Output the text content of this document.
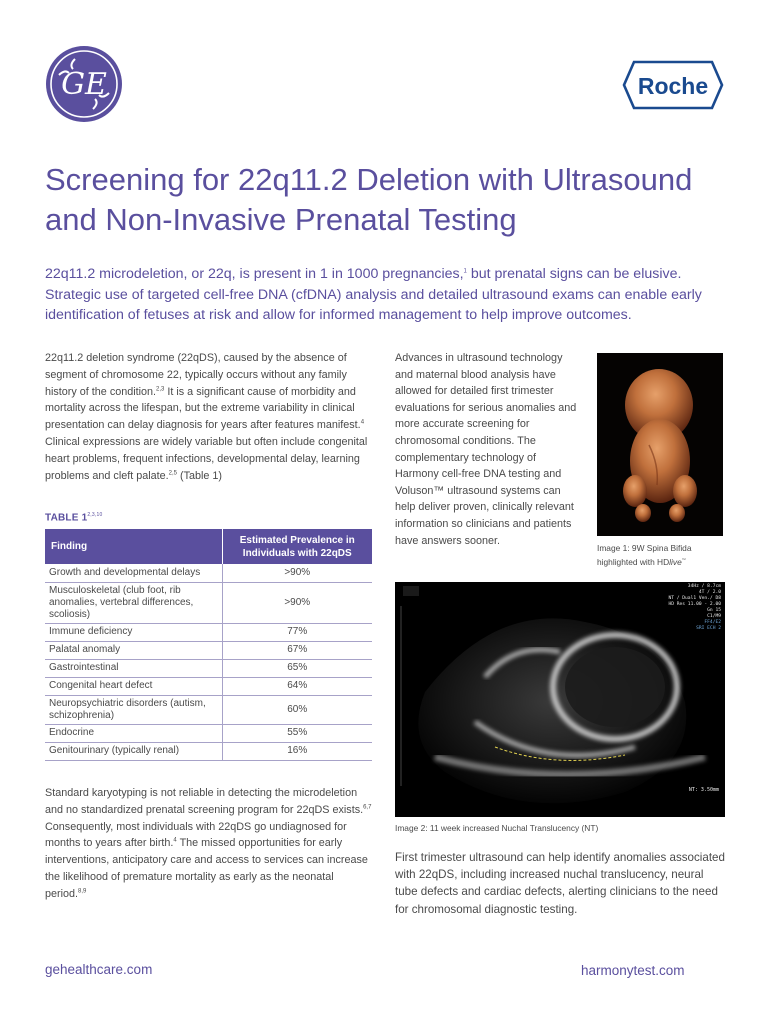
GE	Roche
Screening for 22q11.2 Deletion with Ultrasound and Non-Invasive Prenatal Testing

22q11.2 microdeletion, or 22q, is present in 1 in 1000 pregnancies,$^1$ but prenatal signs can be elusive. Strategic use of targeted cell-free DNA (cfDNA) analysis and detailed ultrasound exams can enable early identification of fetuses at risk and allow for informed management to help improve outcomes.

22q11.2 deletion syndrome (22qDS), caused by the absence of segment of chromosome 22, typically occurs without any family history of the condition.$^{2,3}$ It is a significant cause of morbidity and mortality across the lifespan, but the extreme variability in clinical presentation can delay diagnosis for years after features manifest.$^4$ Clinical expressions are widely variable but often include congenital heart problems, frequent infections, developmental delay, learning problems and cleft palate.$^{2,5}$ (Table 1)

TABLE 1$^{2,3,10}$
Finding	Estimated Prevalence in Individuals with 22qDS
Growth and developmental delays	>90%
Musculoskeletal (club foot, rib anomalies, vertebral differences, scoliosis)	>90%
Immune deficiency	77%
Palatal anomaly	67%
Gastrointestinal	65%
Congenital heart defect	64%
Neuropsychiatric disorders (autism, schizophrenia)	60%
Endocrine	55%
Genitourinary (typically renal)	16%

Standard karyotyping is not reliable in detecting the microdeletion and no standardized prenatal screening program for 22qDS exists.$^{6,7}$ Consequently, most individuals with 22qDS go undiagnosed for months to years after birth.$^4$ The missed opportunities for early interventions, anticipatory care and access to services can increase the likelihood of premature mortality as early as the neonatal period.$^{8,9}$

Advances in ultrasound technology and maternal blood analysis have allowed for detailed first trimester evaluations for serious anomalies and more accurate screening for chromosomal conditions. The complementary technology of Harmony cell-free DNA testing and Voluson™ ultrasound systems can help deliver proven, clinically relevant information so clinicians and patients have answers sooner.

Image 1: 9W Spina Bifida highlighted with HDlive™
34Hz / 8.7cm
4T / 2.0
NT / Dual1 Ven./ D8
HD Res 11.00 - 2.00
Gn 15
C1/M9
FF4/E2
SRI ECH 2
NT: 3.50mm
Image 2: 11 week increased Nuchal Translucency (NT)

First trimester ultrasound can help identify anomalies associated with 22qDS, including increased nuchal translucency, neural tube defects and cardiac defects, alerting clinicians to the need for chromosomal diagnostic testing.

gehealthcare.com	harmonytest.com
